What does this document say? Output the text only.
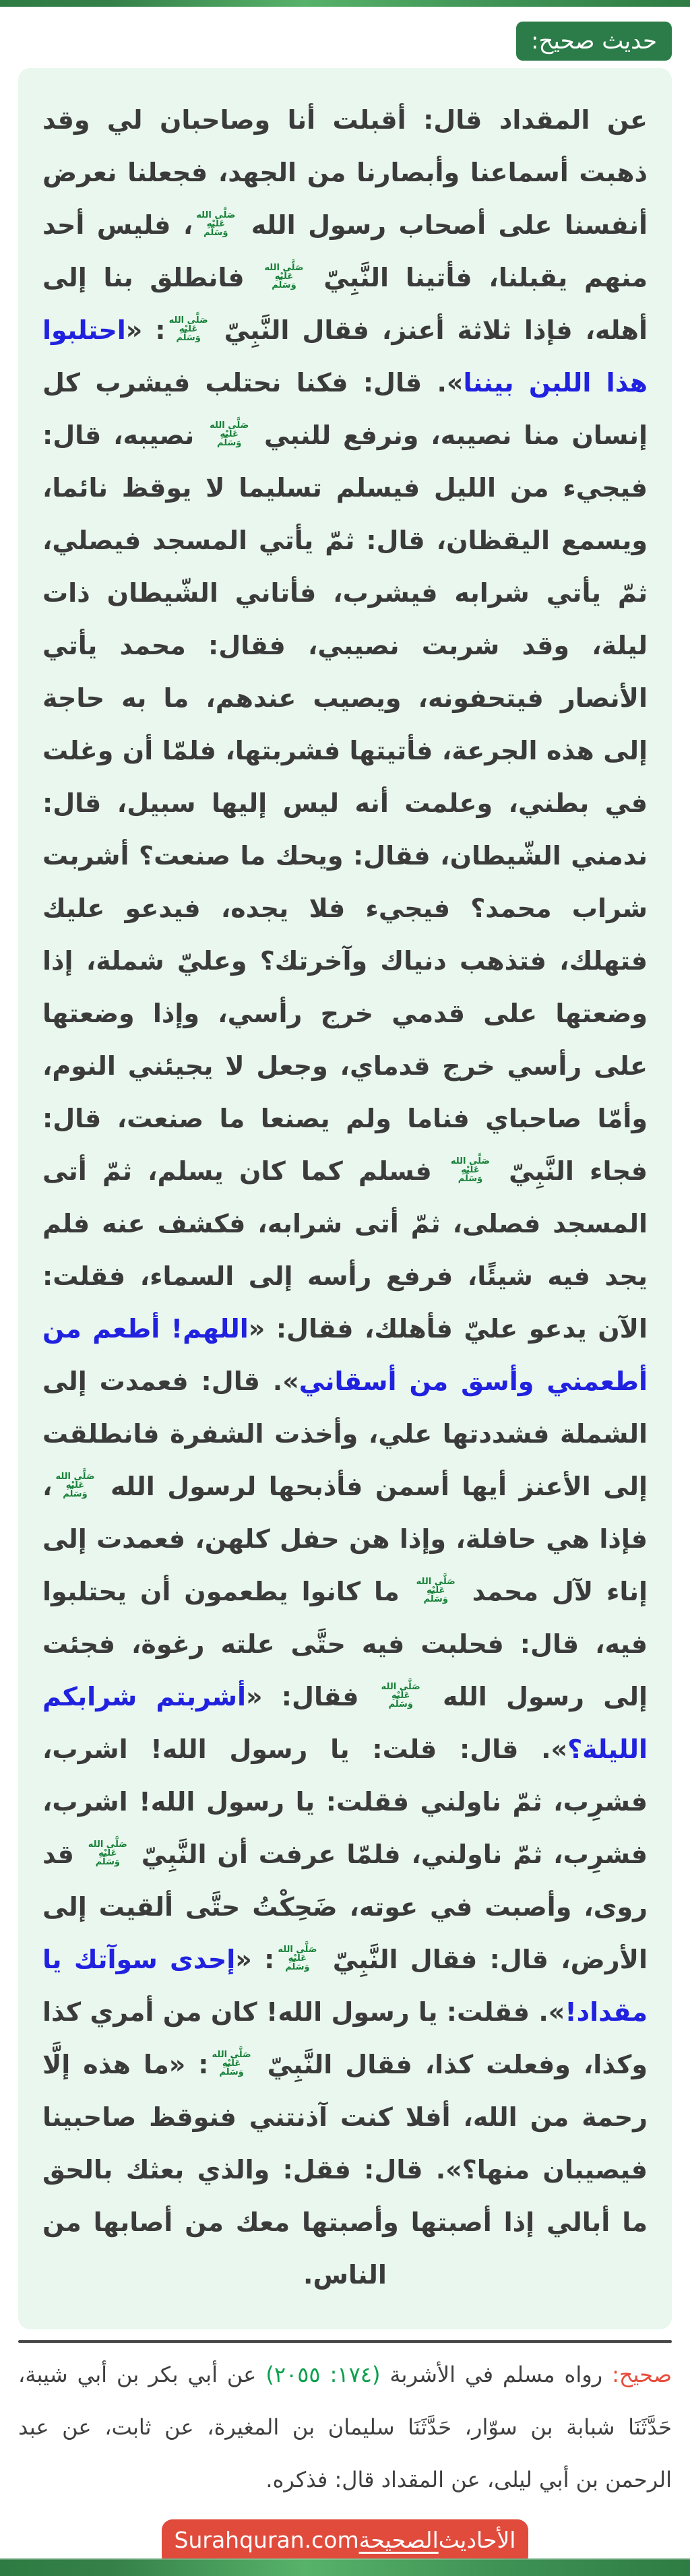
حديث صحيح:

عن المقداد قال: أقبلت أنا وصاحبان لي وقد ذهبت أسماعنا وأبصارنا من الجهد، فجعلنا نعرض أنفسنا على أصحاب رسول الله
صَلَّى الله
عَلَيْهِ
وَسَلَّم
، فليس أحد منهم يقبلنا، فأتينا النَّبِيّ
صَلَّى الله
عَلَيْهِ
وَسَلَّم
فانطلق بنا إلى أهله، فإذا ثلاثة أعنز، فقال النَّبِيّ
صَلَّى الله
عَلَيْهِ
وَسَلَّم
: «احتلبوا هذا اللبن بيننا». قال: فكنا نحتلب فيشرب كل إنسان منا نصيبه، ونرفع للنبي
صَلَّى الله
عَلَيْهِ
وَسَلَّم
نصيبه، قال: فيجيء من الليل فيسلم تسليما لا يوقظ نائما، ويسمع اليقظان، قال: ثمّ يأتي المسجد فيصلي، ثمّ يأتي شرابه فيشرب، فأتاني الشّيطان ذات ليلة، وقد شربت نصيبي، فقال: محمد يأتي الأنصار فيتحفونه، ويصيب عندهم، ما به حاجة إلى هذه الجرعة، فأتيتها فشربتها، فلمّا أن وغلت في بطني، وعلمت أنه ليس إليها سبيل، قال: ندمني الشّيطان، فقال: ويحك ما صنعت؟ أشربت شراب محمد؟ فيجيء فلا يجده، فيدعو عليك فتهلك، فتذهب دنياك وآخرتك؟ وعليّ شملة، إذا وضعتها على قدمي خرج رأسي، وإذا وضعتها على رأسي خرج قدماي، وجعل لا يجيئني النوم، وأمّا صاحباي فناما ولم يصنعا ما صنعت، قال: فجاء النَّبِيّ
صَلَّى الله
عَلَيْهِ
وَسَلَّم
فسلم كما كان يسلم، ثمّ أتى المسجد فصلى، ثمّ أتى شرابه، فكشف عنه فلم يجد فيه شيئًا، فرفع رأسه إلى السماء، فقلت: الآن يدعو عليّ فأهلك، فقال: «اللهم! أطعم من أطعمني وأسق من أسقاني». قال: فعمدت إلى الشملة فشددتها علي، وأخذت الشفرة فانطلقت إلى الأعنز أيها أسمن فأذبحها لرسول الله
صَلَّى الله
عَلَيْهِ
وَسَلَّم
، فإذا هي حافلة، وإذا هن حفل كلهن، فعمدت إلى إناء لآل محمد
صَلَّى الله
عَلَيْهِ
وَسَلَّم
ما كانوا يطعمون أن يحتلبوا فيه، قال: فحلبت فيه حتَّى علته رغوة، فجئت إلى رسول الله
صَلَّى الله
عَلَيْهِ
وَسَلَّم
فقال: «أشربتم شرابكم الليلة؟». قال: قلت: يا رسول الله! اشرب، فشرِب، ثمّ ناولني فقلت: يا رسول الله! اشرب، فشرِب، ثمّ ناولني، فلمّا عرفت أن النَّبِيّ
صَلَّى الله
عَلَيْهِ
وَسَلَّم
قد روى، وأصبت في عوته، ضَحِكْتُ حتَّى ألقيت إلى الأرض، قال: فقال النَّبِيّ
صَلَّى الله
عَلَيْهِ
وَسَلَّم
: «إحدى سوآتك يا مقداد!». فقلت: يا رسول الله! كان من أمري كذا وكذا، وفعلت كذا، فقال النَّبِيّ
صَلَّى الله
عَلَيْهِ
وَسَلَّم
: «ما هذه إلَّا رحمة من الله، أفلا كنت آذنتني فنوقظ صاحبينا فيصيبان منها؟». قال: فقل: والذي بعثك بالحق ما أبالي إذا أصبتها وأصبتها معك من أصابها من الناس.

صحيح: رواه مسلم في الأشربة (١٧٤: ٢٠٥٥) عن أبي بكر بن أبي شيبة، حَدَّثَنَا شبابة بن سوّار، حَدَّثَنَا سليمان بن المغيرة، عن ثابت، عن عبد الرحمن بن أبي ليلى، عن المقداد قال: فذكره.

الأحاديث
الصحيحة
Surahquran.com
